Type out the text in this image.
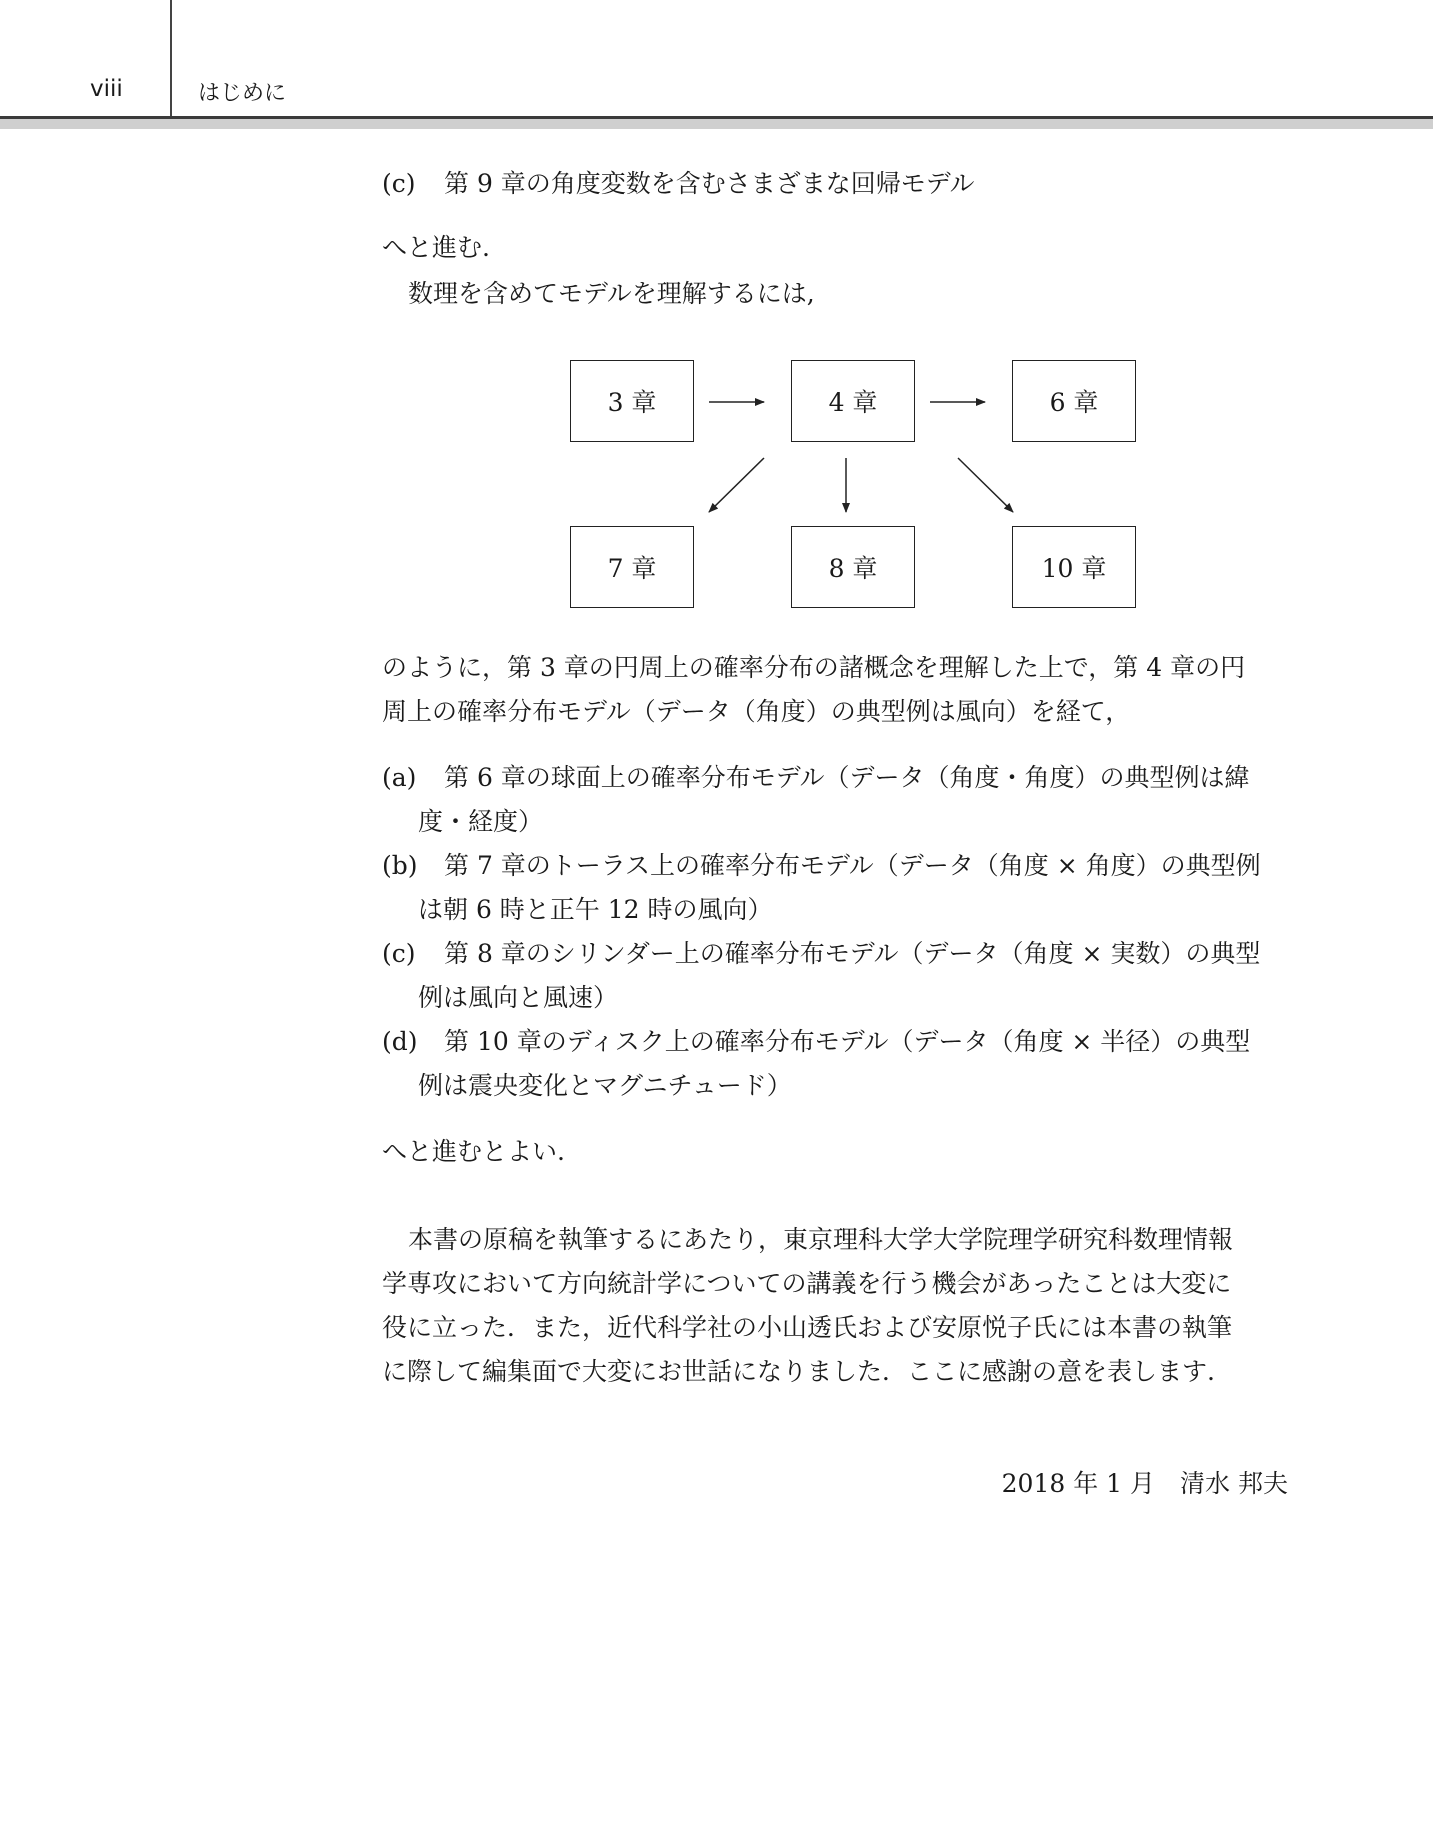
viii	はじめに
(c) 第 9 章の角度変数を含むさまざまな回帰モデル
へと進む.
数理を含めてモデルを理解するには,
3 章	4 章	6 章
7 章	8 章	10 章
のように，第 3 章の円周上の確率分布の諸概念を理解した上で，第 4 章の円
周上の確率分布モデル（データ（角度）の典型例は風向）を経て，
(a) 第 6 章の球面上の確率分布モデル（データ（角度・角度）の典型例は緯
度・経度）
(b) 第 7 章のトーラス上の確率分布モデル（データ（角度 × 角度）の典型例
は朝 6 時と正午 12 時の風向）
(c) 第 8 章のシリンダー上の確率分布モデル（データ（角度 × 実数）の典型
例は風向と風速）
(d) 第 10 章のディスク上の確率分布モデル（データ（角度 × 半径）の典型
例は震央変化とマグニチュード）
へと進むとよい.
本書の原稿を執筆するにあたり，東京理科大学大学院理学研究科数理情報
学専攻において方向統計学についての講義を行う機会があったことは大変に
役に立った．また，近代科学社の小山透氏および安原悦子氏には本書の執筆
に際して編集面で大変にお世話になりました．ここに感謝の意を表します.
2018 年 1 月　 清水 邦夫
